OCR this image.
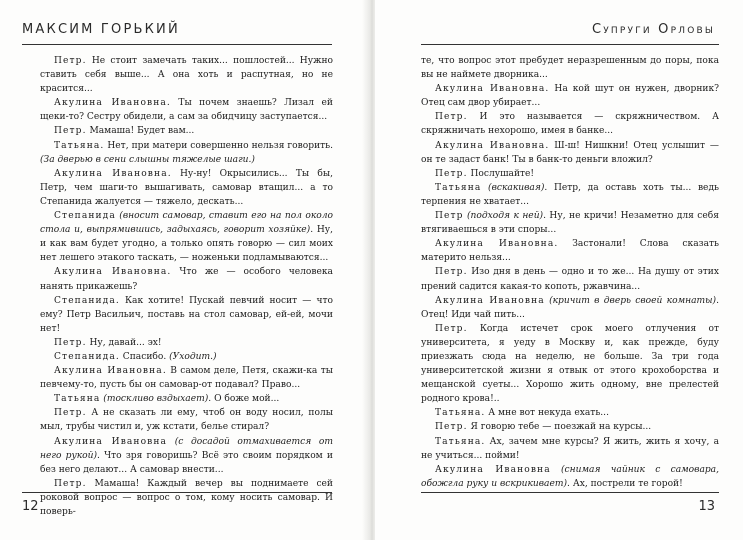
МАКСИМ ГОРЬКИЙ

Петр. Не стоит замечать таких... пошлостей... Нужно ставить себя выше... А она хоть и распутная, но не красится...

Акулина Ивановна. Ты почем знаешь? Лизал ей щеки-то? Сестру обидели, а сам за обидчицу заступается...

Петр. Мамаша! Будет вам...

Татьяна. Нет, при матери совершенно нельзя говорить. (За дверью в сени слышны тяжелые шаги.)

Акулина Ивановна. Ну-ну! Окрысились... Ты бы, Петр, чем шаги-то вышагивать, самовар втащил... а то Степанида жалуется — тяжело, дескать...

Степанида (вносит самовар, ставит его на пол около стола и, выпрямившись, задыхаясь, говорит хозяйке). Ну, и как вам будет угодно, а только опять говорю — сил моих нет лешего этакого таскать, — ноженьки подламываются...

Акулина Ивановна. Что же — особого человека нанять прикажешь?

Степанида. Как хотите! Пускай певчий носит — что ему? Петр Васильич, поставь на стол самовар, ей-ей, мочи нет!

Петр. Ну, давай... эх!

Степанида. Спасибо. (Уходит.)

Акулина Ивановна. В самом деле, Петя, скажи-ка ты певчему-то, пусть бы он самовар-от подавал? Право...

Татьяна (тоскливо вздыхает). О боже мой...

Петр. А не сказать ли ему, чтоб он воду носил, полы мыл, трубы чистил и, уж кстати, белье стирал?

Акулина Ивановна (с досадой отмахивается от него рукой). Что зря говоришь? Всё это своим порядком и без него делают... А самовар внести...

Петр. Мамаша! Каждый вечер вы поднимаете сей роковой вопрос — вопрос о том, кому носить самовар. И поверь-

12
Супруги Орловы

те, что вопрос этот пребудет неразрешенным до поры, пока вы не наймете дворника...

Акулина Ивановна. На кой шут он нужен, дворник? Отец сам двор убирает...

Петр. И это называется — скряжничеством. А скряжничать нехорошо, имея в банке...

Акулина Ивановна. Ш-ш! Нишкни! Отец услышит — он те задаст банк! Ты в банк-то деньги вложил?

Петр. Послушайте!

Татьяна (вскакивая). Петр, да оставь хоть ты... ведь терпения не хватает...

Петр (подходя к ней). Ну, не кричи! Незаметно для себя втягиваешься в эти споры...

Акулина Ивановна. Застонали! Слова сказать материто нельзя...

Петр. Изо дня в день — одно и то же... На душу от этих прений садится какая-то копоть, ржавчина...

Акулина Ивановна (кричит в дверь своей комнаты). Отец! Иди чай пить...

Петр. Когда истечет срок моего отлучения от университета, я уеду в Москву и, как прежде, буду приезжать сюда на неделю, не больше. За три года университетской жизни я отвык от этого крохоборства и мещанской суеты... Хорошо жить одному, вне прелестей родного крова!..

Татьяна. А мне вот некуда ехать...

Петр. Я говорю тебе — поезжай на курсы...

Татьяна. Ах, зачем мне курсы? Я жить, жить я хочу, а не учиться... пойми!

Акулина Ивановна (снимая чайник с самовара, обожгла руку и вскрикивает). Ах, пострели те горой!

13
